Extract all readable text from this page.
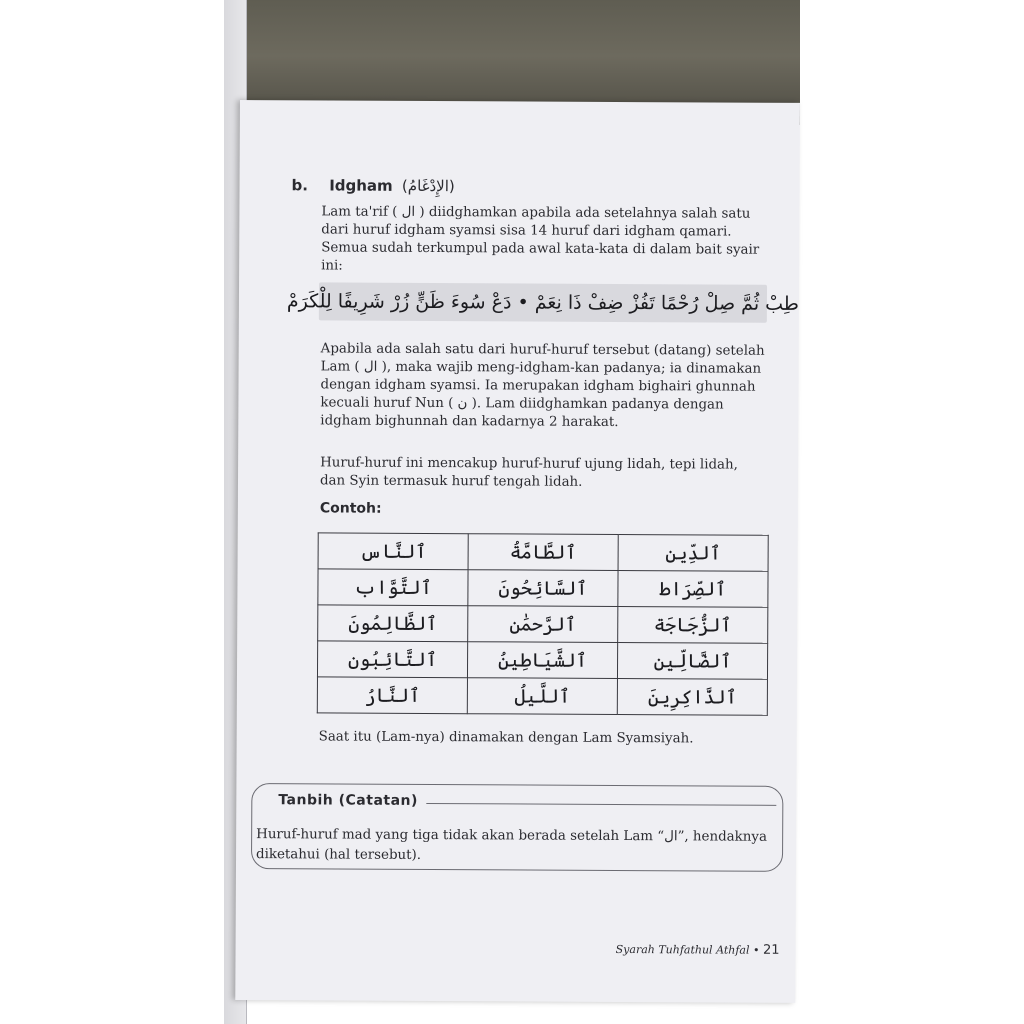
b. Idgham (الإِدْغَامُ)
Lam ta'rif ( ال ) diidghamkan apabila ada setelahnya salah satu dari huruf idgham syamsi sisa 14 huruf dari idgham qamari. Semua sudah terkumpul pada awal kata-kata di dalam bait syair ini:
طِبْ ثُمَّ صِلْ رُحْمًا تَفُزْ ضِفْ ذَا نِعَمْ • دَعْ سُوءَ ظَنٍّ زُرْ شَرِيفًا لِلْكَرَمْ
Apabila ada salah satu dari huruf-huruf tersebut (datang) setelah Lam ( ال ), maka wajib meng-idgham-kan padanya; ia dinamakan dengan idgham syamsi. Ia merupakan idgham bighairi ghunnah kecuali huruf Nun ( ن ). Lam diidghamkan padanya dengan idgham bighunnah dan kadarnya 2 harakat.
Huruf-huruf ini mencakup huruf-huruf ujung lidah, tepi lidah, dan Syin termasuk huruf tengah lidah.
Contoh:
ٱلنَّاس	ٱلطَّامَّةُ	ٱلدِّين
ٱلتَّوَّاب	ٱلسَّائِحُونَ	ٱلصِّرَاط
ٱلظَّالِمُونَ	ٱلرَّحمَٰن	ٱلزُّجَاجَة
ٱلتَّائِبُون	ٱلشَّيَاطِينُ	ٱلضَّالِّين
ٱلنَّارُ	ٱللَّيلُ	ٱلذَّاكِرِينَ
Saat itu (Lam-nya) dinamakan dengan Lam Syamsiyah.
Tanbih (Catatan)
Huruf-huruf mad yang tiga tidak akan berada setelah Lam “ال”, hendaknya diketahui (hal tersebut).
Syarah Tuhfathul Athfal • 21
